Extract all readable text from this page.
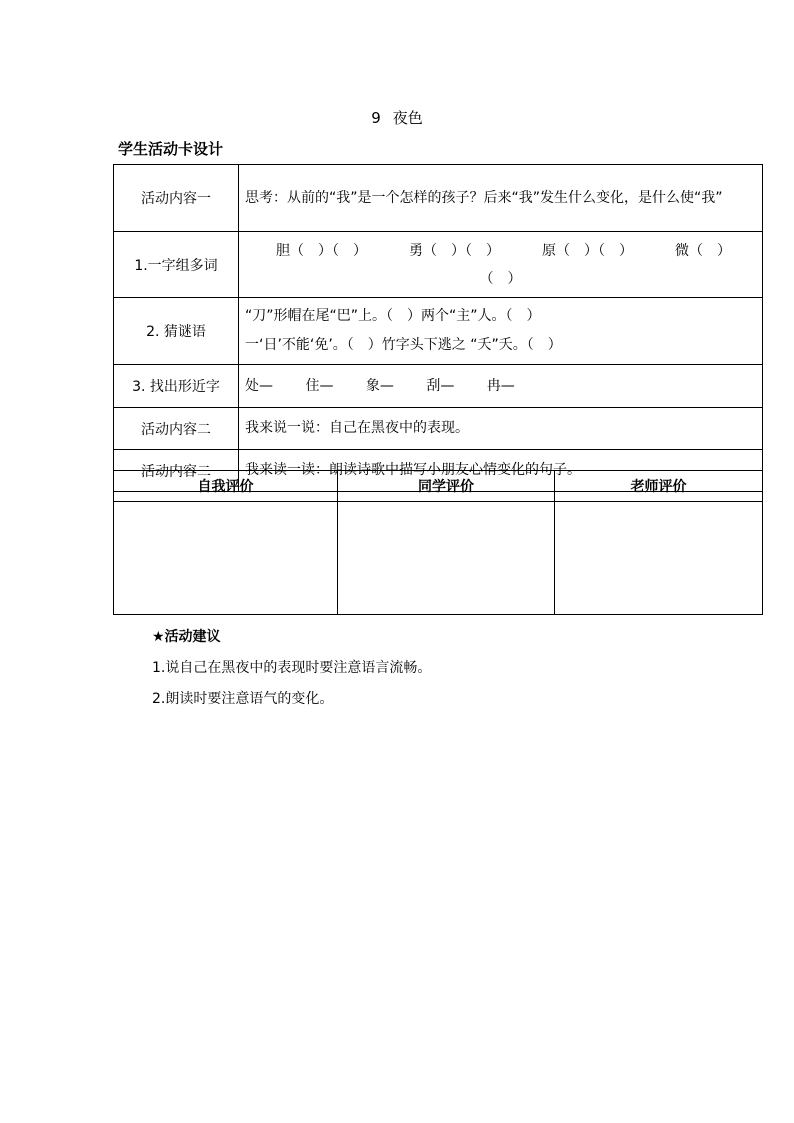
9 夜色
学生活动卡设计
活动内容一	思考：从前的“我”是一个怎样的孩子？后来“我”发生什么变化，是什么使“我”
1.一字组多词	胆（　）（　） 勇（　）（　） 原（　）（　） 微（　）
（　）

2. 猜谜语	“刀”形帽在尾“巴”上。（　）两个“主”人。（　）
一‘日’不能‘免’。（　）竹字头下逃之 “夭”夭。（　）

3. 找出形近字	处— 住— 象— 刮— 冉—
活动内容二	我来说一说：自己在黑夜中的表现。
活动内容二	我来读一读：朗读诗歌中描写小朋友心情变化的句子。
自我评价	同学评价	老师评价

★活动建议
1.说自己在黑夜中的表现时要注意语言流畅。
2.朗读时要注意语气的变化。
